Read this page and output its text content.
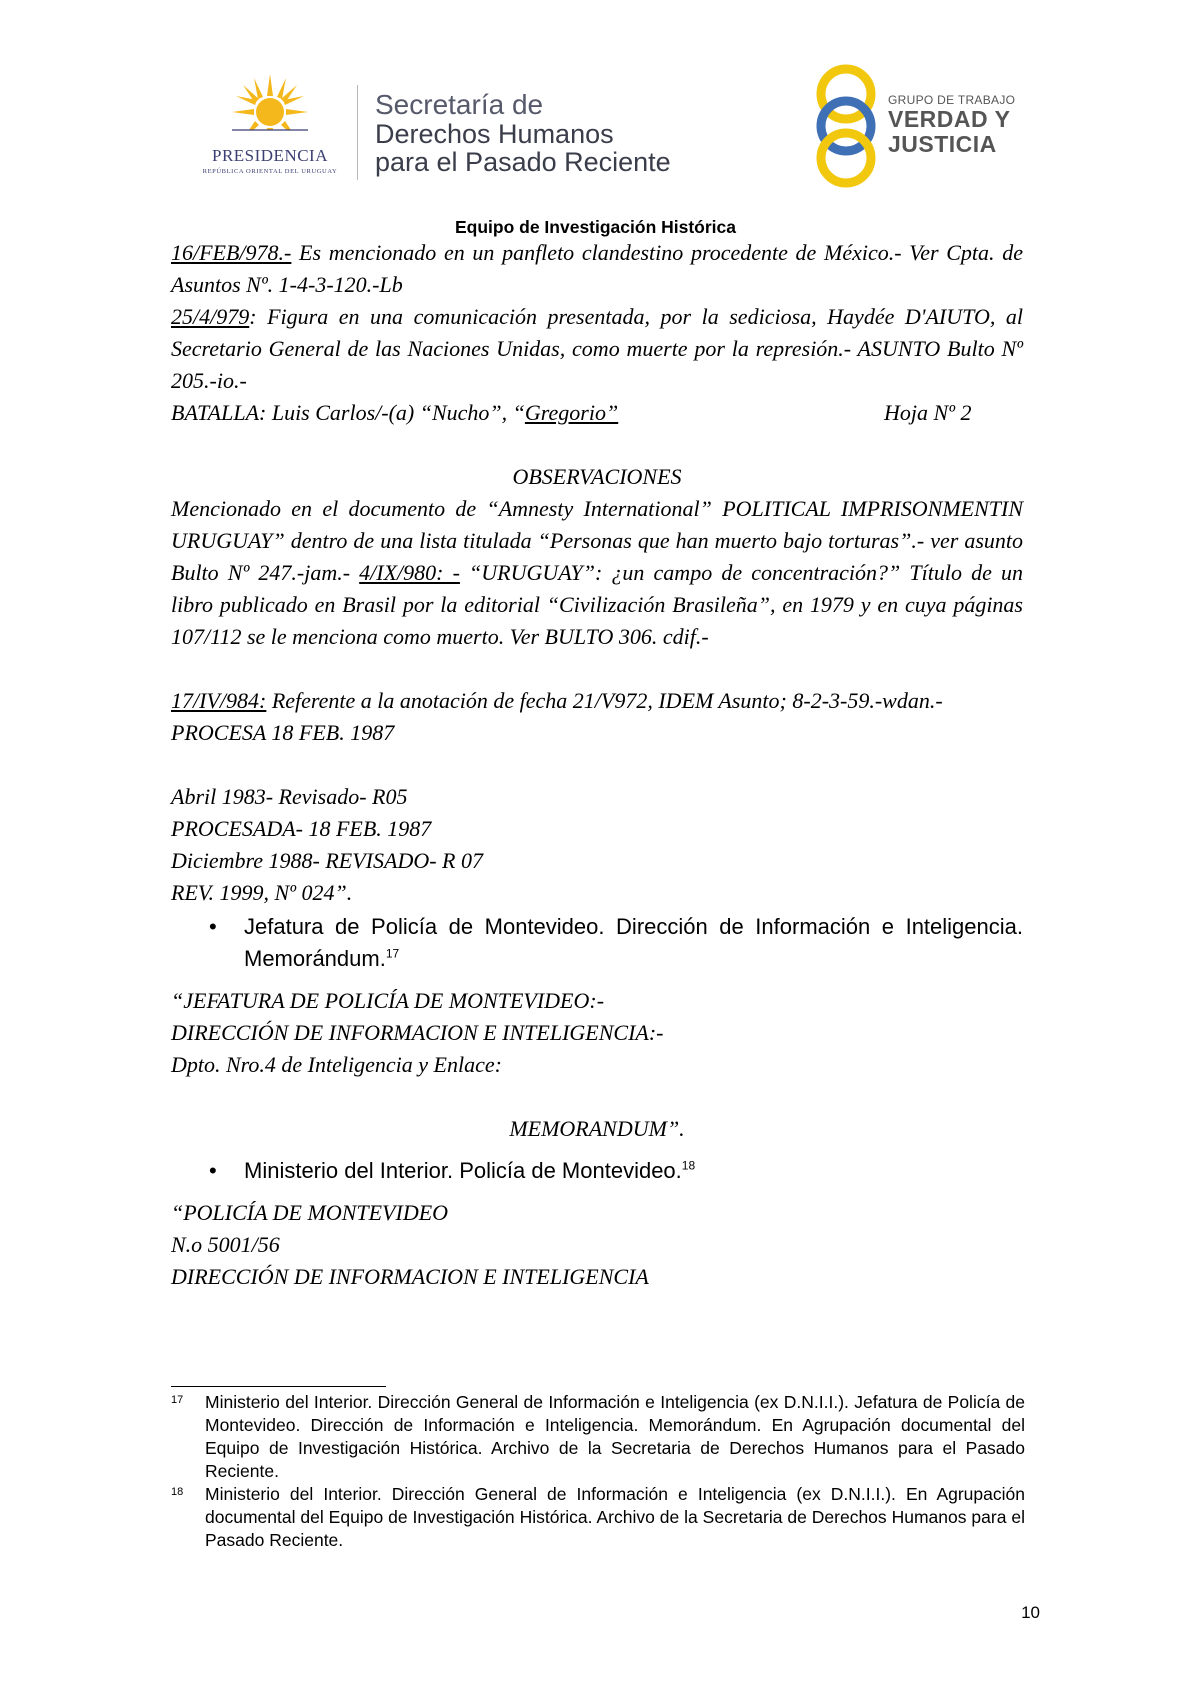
PRESIDENCIA
REPÚBLICA ORIENTAL DEL URUGUAY
Secretaría de
Derechos Humanos
para el Pasado Reciente
GRUPO DE TRABAJO
VERDAD Y
JUSTICIA
Equipo de Investigación Histórica

16/FEB/978.- Es mencionado en un panfleto clandestino procedente de México.- Ver Cpta. de Asuntos Nº. 1-4-3-120.-Lb

25/4/979: Figura en una comunicación presentada, por la sediciosa, Haydée D'AIUTO, al Secretario General de las Naciones Unidas, como muerte por la represión.- ASUNTO Bulto Nº 205.-io.-

BATALLA: Luis Carlos/-(a) “Nucho”, “Gregorio”	Hoja Nº 2

OBSERVACIONES

Mencionado en el documento de “Amnesty International” POLITICAL IMPRISONMENTIN URUGUAY” dentro de una lista titulada “Personas que han muerto bajo torturas”.- ver asunto Bulto Nº 247.-jam.- 4/IX/980: - “URUGUAY”: ¿un campo de concentración?” Título de un libro publicado en Brasil por la editorial “Civilización Brasileña”, en 1979 y en cuya páginas 107/112 se le menciona como muerto. Ver BULTO 306. cdif.-

17/IV/984: Referente a la anotación de fecha 21/V972, IDEM Asunto; 8-2-3-59.-wdan.-

PROCESA 18 FEB. 1987

Abril 1983- Revisado- R05

PROCESADA- 18 FEB. 1987

Diciembre 1988- REVISADO- R 07

REV. 1999, Nº 024”.

• Jefatura de Policía de Montevideo. Dirección de Información e Inteligencia. Memorándum.$^{17}$

“JEFATURA DE POLICÍA DE MONTEVIDEO:-

DIRECCIÓN DE INFORMACION E INTELIGENCIA:-

Dpto. Nro.4 de Inteligencia y Enlace:

MEMORANDUM”.

• Ministerio del Interior. Policía de Montevideo.$^{18}$

“POLICÍA DE MONTEVIDEO

N.o 5001/56

DIRECCIÓN DE INFORMACION E INTELIGENCIA

17 Ministerio del Interior. Dirección General de Información e Inteligencia (ex D.N.I.I.). Jefatura de Policía de Montevideo. Dirección de Información e Inteligencia. Memorándum. En Agrupación documental del Equipo de Investigación Histórica. Archivo de la Secretaria de Derechos Humanos para el Pasado Reciente.
18 Ministerio del Interior. Dirección General de Información e Inteligencia (ex D.N.I.I.). En Agrupación documental del Equipo de Investigación Histórica. Archivo de la Secretaria de Derechos Humanos para el Pasado Reciente.
10
